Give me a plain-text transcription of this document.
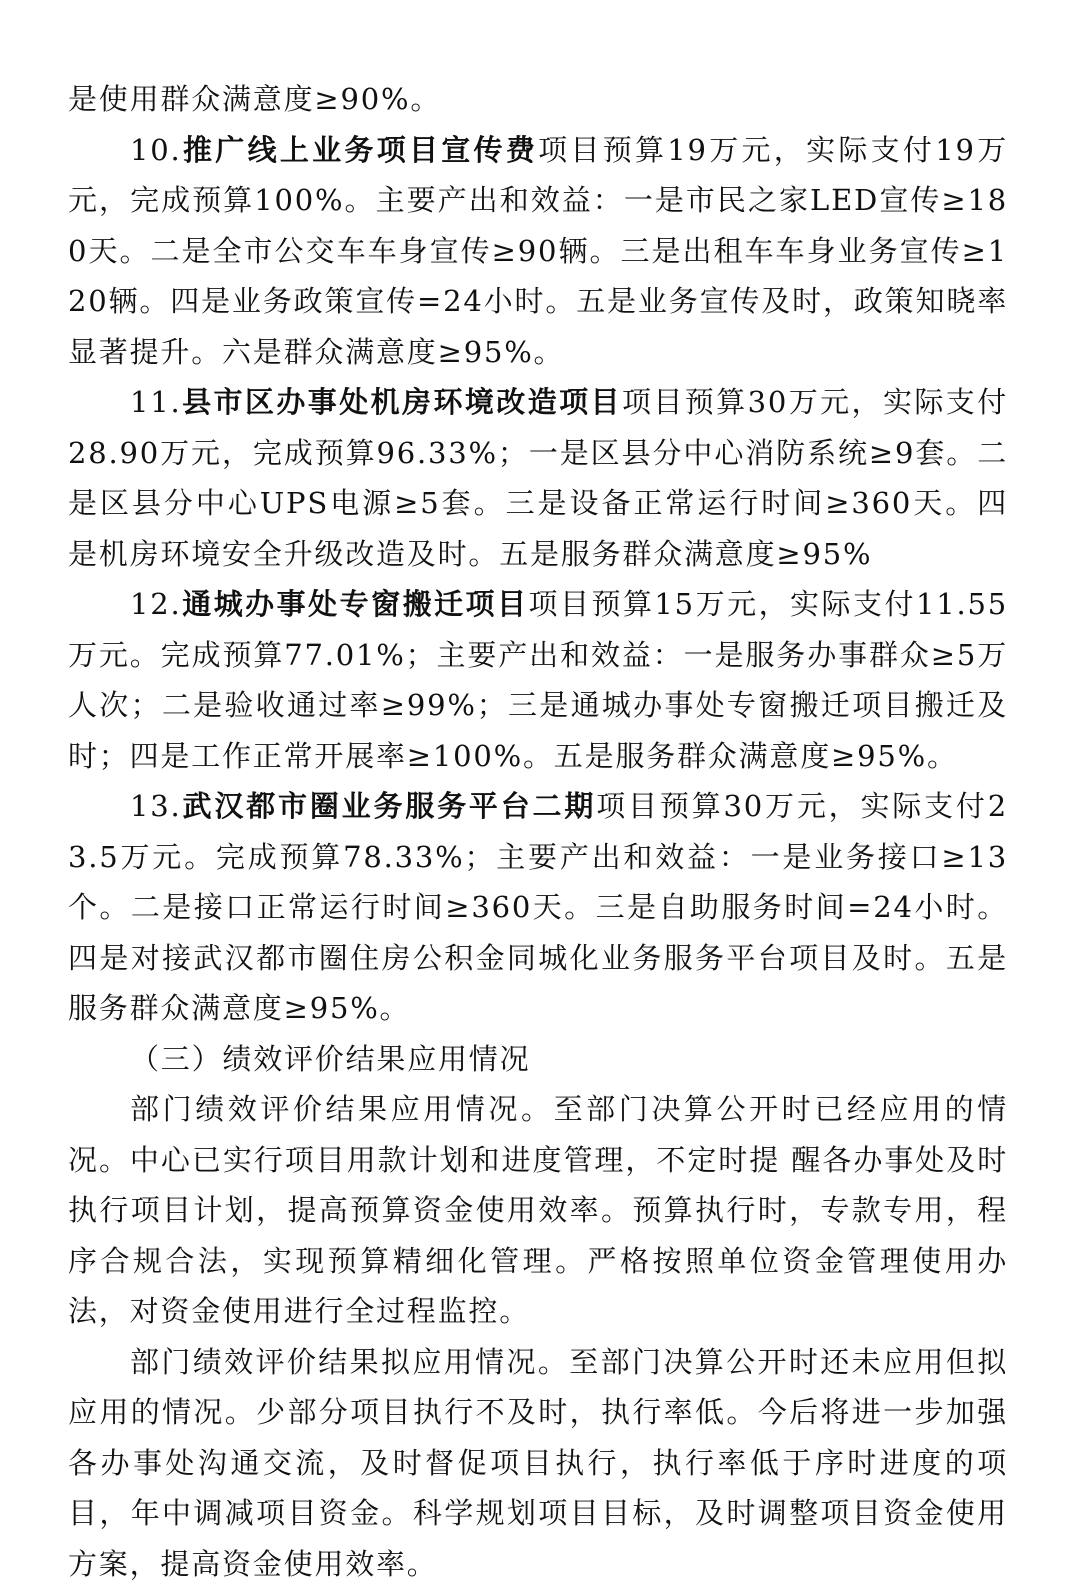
是使用群众满意度≥90%。

10.推广线上业务项目宣传费项目预算19万元，实际支付19万元，完成预算100%。主要产出和效益：一是市民之家LED宣传≥180天。二是全市公交车车身宣传≥90辆。三是出租车车身业务宣传≥120辆。四是业务政策宣传=24小时。五是业务宣传及时，政策知晓率显著提升。六是群众满意度≥95%。

11.县市区办事处机房环境改造项目项目预算30万元，实际支付28.90万元，完成预算96.33%；一是区县分中心消防系统≥9套。二是区县分中心UPS电源≥5套。三是设备正常运行时间≥360天。四是机房环境安全升级改造及时。五是服务群众满意度≥95%

12.通城办事处专窗搬迁项目项目预算15万元，实际支付11.55万元。完成预算77.01%；主要产出和效益：一是服务办事群众≥5万人次；二是验收通过率≥99%；三是通城办事处专窗搬迁项目搬迁及时；四是工作正常开展率≥100%。五是服务群众满意度≥95%。

13.武汉都市圈业务服务平台二期项目预算30万元，实际支付23.5万元。完成预算78.33%；主要产出和效益：一是业务接口≥13个。二是接口正常运行时间≥360天。三是自助服务时间=24小时。四是对接武汉都市圈住房公积金同城化业务服务平台项目及时。五是服务群众满意度≥95%。

（三）绩效评价结果应用情况

部门绩效评价结果应用情况。至部门决算公开时已经应用的情况。中心已实行项目用款计划和进度管理，不定时提 醒各办事处及时执行项目计划，提高预算资金使用效率。预算执行时，专款专用，程序合规合法，实现预算精细化管理。严格按照单位资金管理使用办法，对资金使用进行全过程监控。

部门绩效评价结果拟应用情况。至部门决算公开时还未应用但拟应用的情况。少部分项目执行不及时，执行率低。今后将进一步加强各办事处沟通交流，及时督促项目执行，执行率低于序时进度的项目，年中调减项目资金。科学规划项目目标，及时调整项目资金使用方案，提高资金使用效率。
